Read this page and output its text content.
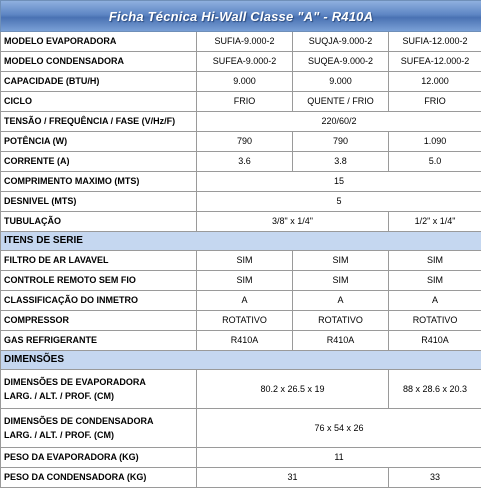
Ficha Técnica Hi-Wall Classe "A" - R410A			

MODELO EVAPORADORA	SUFIA-9.000-2	SUQJA-9.000-2	SUFIA-12.000-2
MODELO CONDENSADORA	SUFEA-9.000-2	SUQEA-9.000-2	SUFEA-12.000-2
CAPACIDADE (BTU/H)	9.000	9.000	12.000
CICLO	FRIO	QUENTE / FRIO	FRIO
TENSÃO / FREQUÊNCIA / FASE (V/Hz/F)	220/60/2		
POTÊNCIA (W)	790	790	1.090
CORRENTE (A)	3.6	3.8	5.0
COMPRIMENTO MAXIMO (MTS)	15		
DESNIVEL (MTS)	5		
TUBULAÇÃO	3/8" x 1/4"		1/2" x 1/4"
ITENS DE SERIE			
FILTRO DE AR LAVAVEL	SIM	SIM	SIM
CONTROLE REMOTO SEM FIO	SIM	SIM	SIM
CLASSIFICAÇÃO DO INMETRO	A	A	A
COMPRESSOR	ROTATIVO	ROTATIVO	ROTATIVO
GAS REFRIGERANTE	R410A	R410A	R410A
DIMENSÕES			

DIMENSÕES DE EVAPORADORA
LARG. / ALT. / PROF. (CM)	80.2 x 26.5 x 19		88 x 28.6 x 20.3

DIMENSÕES DE CONDENSADORA
LARG. / ALT. / PROF. (CM)	76 x 54 x 26		
PESO DA EVAPORADORA (KG)	11		
PESO DA CONDENSADORA (KG)	31		33
